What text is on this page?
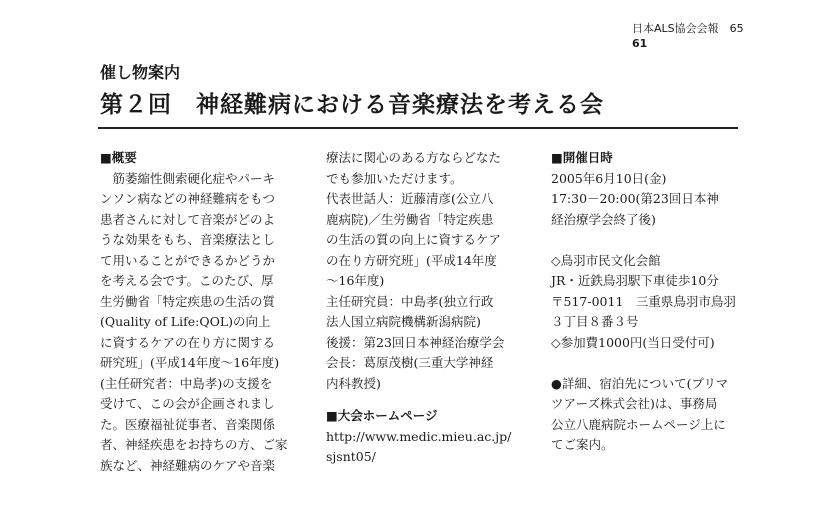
日本ALS協会会報　 65
61
催し物案内
第２回　神経難病における音楽療法を考える会
■概要
　筋萎縮性側索硬化症やパーキ
ンソン病などの神経難病をもつ
患者さんに対して音楽がどのよ
うな効果をもち、音楽療法とし
て用いることができるかどうか
を考える会です。このたび、厚
生労働省「特定疾患の生活の質
(Quality of Life:QOL)の向上
に資するケアの在り方に関する
研究班」(平成14年度〜16年度)
(主任研究者：中島孝)の支援を
受けて、この会が企画されまし
た。医療福祉従事者、音楽関係
者、神経疾患をお持ちの方、ご家
族など、神経難病のケアや音楽
療法に関心のある方ならどなた
でも参加いただけます。
代表世話人：近藤清彦(公立八
鹿病院)／生労働省「特定疾患
の生活の質の向上に資するケア
の在り方研究班」(平成14年度
〜16年度)
主任研究員：中島孝(独立行政
法人国立病院機構新潟病院)
後援：第23回日本神経治療学会
会長：葛原茂樹(三重大学神経
内科教授)
■大会ホームページ
http://www.medic.mieu.ac.jp/
sjsnt05/
■開催日時
2005年6月10日(金)
17:30－20:00(第23回日本神
経治療学会終了後)
◇鳥羽市民文化会館
JR・近鉄鳥羽駅下車徒歩10分
〒517-0011　三重県鳥羽市鳥羽
３丁目８番３号
◇参加費1000円(当日受付可)
●詳細、宿泊先について(プリマ
ツアーズ株式会社)は、事務局
公立八鹿病院ホームページ上に
てご案内。
